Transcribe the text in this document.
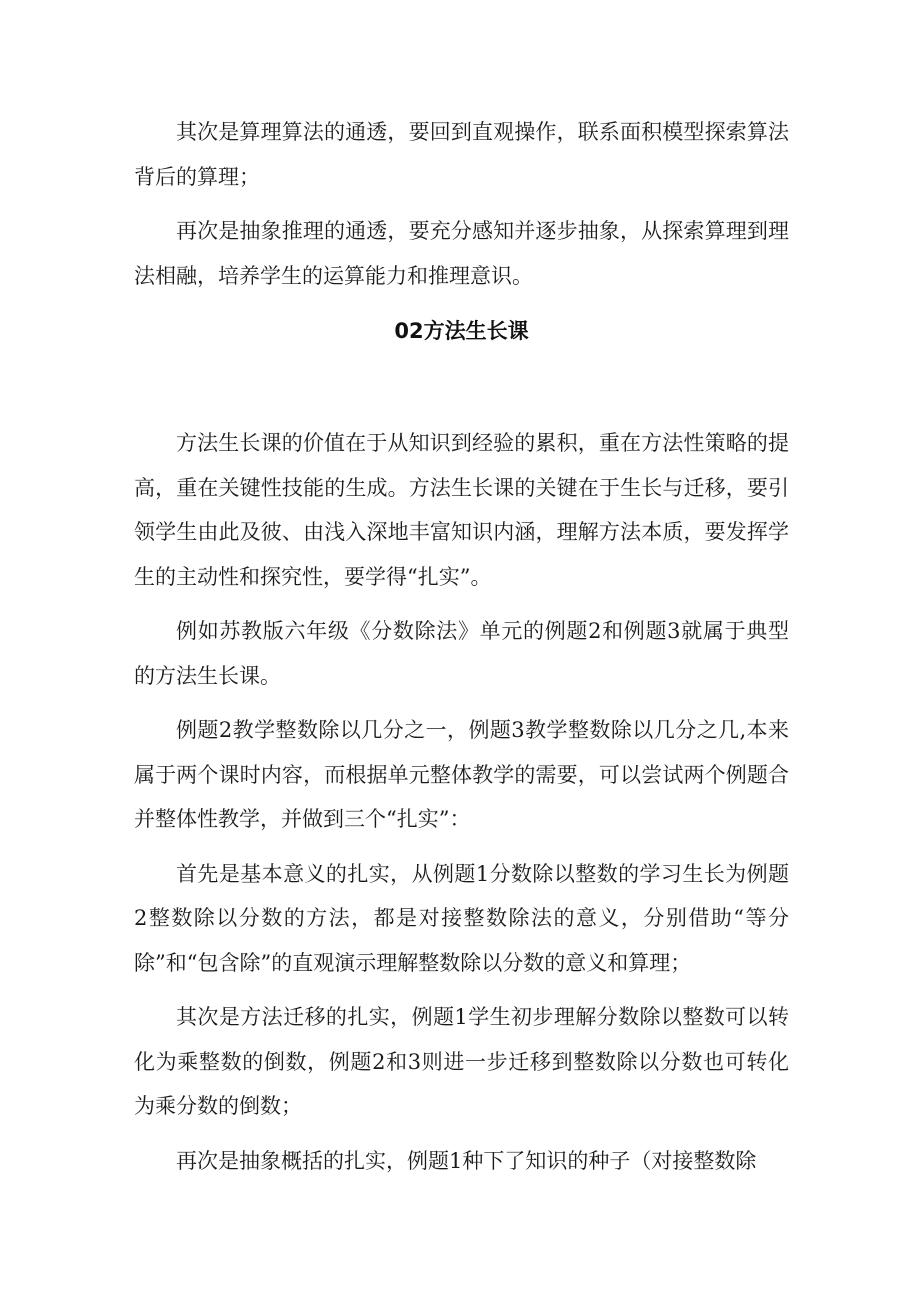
其次是算理算法的通透，要回到直观操作，联系面积模型探索算法背后的算理；

再次是抽象推理的通透，要充分感知并逐步抽象，从探索算理到理法相融，培养学生的运算能力和推理意识。

02方法生长课

方法生长课的价值在于从知识到经验的累积，重在方法性策略的提高，重在关键性技能的生成。方法生长课的关键在于生长与迁移，要引领学生由此及彼、由浅入深地丰富知识内涵，理解方法本质，要发挥学生的主动性和探究性，要学得“扎实”。

例如苏教版六年级《分数除法》单元的例题2和例题3就属于典型的方法生长课。

例题2教学整数除以几分之一，例题3教学整数除以几分之几,本来属于两个课时内容，而根据单元整体教学的需要，可以尝试两个例题合并整体性教学，并做到三个“扎实”：

首先是基本意义的扎实，从例题1分数除以整数的学习生长为例题2整数除以分数的方法，都是对接整数除法的意义，分别借助“等分除”和“包含除”的直观演示理解整数除以分数的意义和算理；

其次是方法迁移的扎实，例题1学生初步理解分数除以整数可以转化为乘整数的倒数，例题2和3则进一步迁移到整数除以分数也可转化为乘分数的倒数；

再次是抽象概括的扎实，例题1种下了知识的种子（对接整数除
